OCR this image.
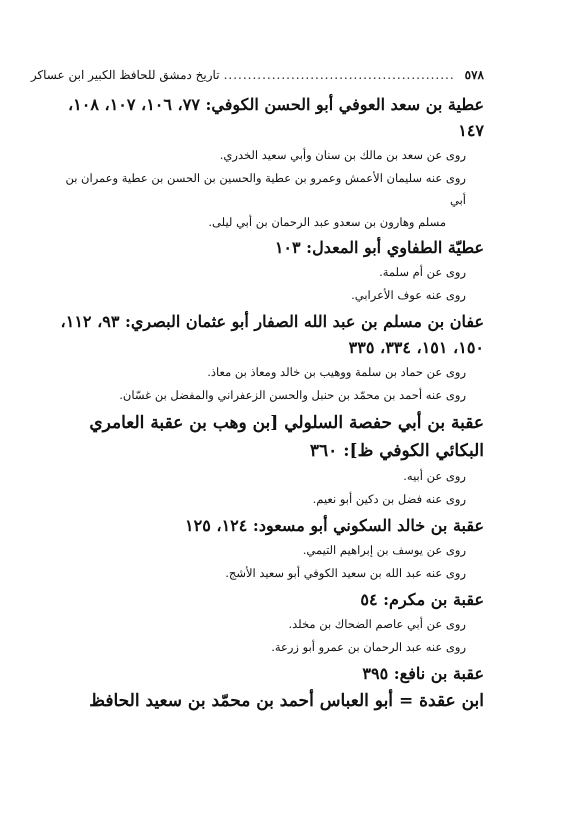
٥٧٨
................................................
تاريخ دمشق للحافظ الكبير ابن عساكر

عطية بن سعد العوفي أبو الحسن الكوفي: ٧٧، ١٠٦، ١٠٧، ١٠٨، ١٤٧

روى عن سعد بن مالك بن سنان وأبي سعيد الخدري.

روى عنه سليمان الأعمش وعمرو بن عطية والحسين بن الحسن بن عطية وعمران بن أبي
مسلم وهارون بن سعدو عبد الرحمان بن أبي ليلى.

عطيّة الطفاوي أبو المعدل: ١٠٣

روى عن أم سلمة.

روى عنه عوف الأعرابي.

عفان بن مسلم بن عبد الله الصفار أبو عثمان البصري: ٩٣، ١١٢، ١٥٠، ١٥١، ٣٣٤، ٣٣٥

روى عن حماد بن سلمة ووهيب بن خالد ومعاذ بن معاذ.

روى عنه أحمد بن محمّد بن حنبل والحسن الزعفراني والمفضل بن غسّان.

عقبة بن أبي حفصة السلولي [بن وهب بن عقبة العامري البكائي الكوفي ظ]: ٣٦٠

روى عن أبيه.

روى عنه فضل بن دكين أبو نعيم.

عقبة بن خالد السكوني أبو مسعود: ١٢٤، ١٢٥

روى عن يوسف بن إبراهيم التيمي.

روى عنه عبد الله بن سعيد الكوفي أبو سعيد الأشج.

عقبة بن مكرم: ٥٤

روى عن أبي عاصم الضحاك بن مخلد.

روى عنه عبد الرحمان بن عمرو أبو زرعة.

عقبة بن نافع: ٣٩٥

ابن عقدة = أبو العباس أحمد بن محمّد بن سعيد الحافظ
